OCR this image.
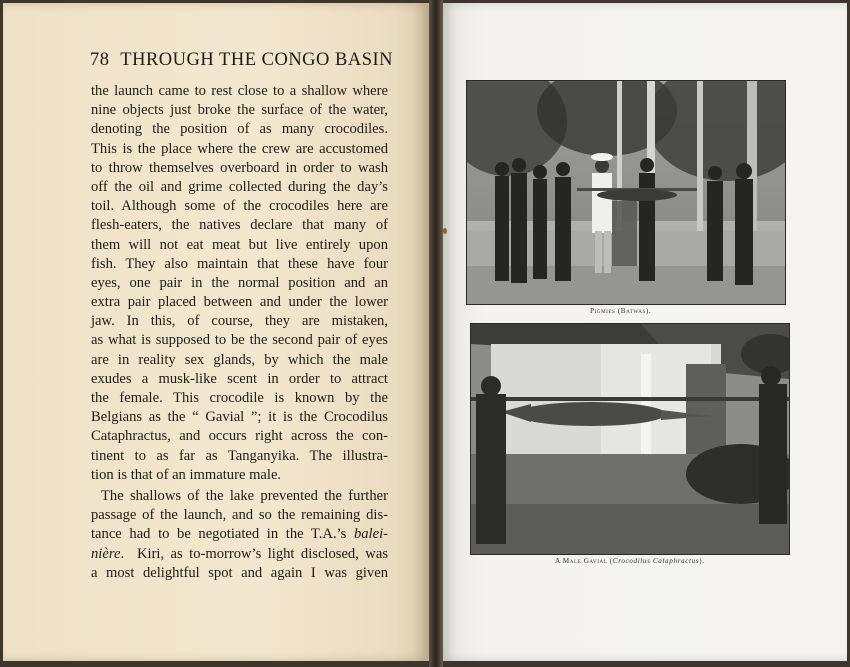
78 THROUGH THE CONGO BASIN
the launch came to rest close to a shallow where
nine objects just broke the surface of the water,
denoting the position of as many crocodiles.
This is the place where the crew are accustomed
to throw themselves overboard in order to wash
off the oil and grime collected during the day’s
toil. Although some of the crocodiles here are
flesh-eaters, the natives declare that many of
them will not eat meat but live entirely upon
fish. They also maintain that these have four
eyes, one pair in the normal position and an
extra pair placed between and under the lower
jaw. In this, of course, they are mistaken,
as what is supposed to be the second pair of eyes
are in reality sex glands, by which the male
exudes a musk-like scent in order to attract
the female. This crocodile is known by the
Belgians as the “ Gavial ”; it is the Crocodilus
Cataphractus, and occurs right across the con-
tinent to as far as Tanganyika. The illustra-
tion is that of an immature male.
The shallows of the lake prevented the further
passage of the launch, and so the remaining dis-
tance had to be negotiated in the T.A.’s balei-
nière.  Kiri, as to-morrow’s light disclosed, was
a most delightful spot and again I was given
Pigmies (Batwas).
A Male Gavial (Crocodilus Cataphractus).
